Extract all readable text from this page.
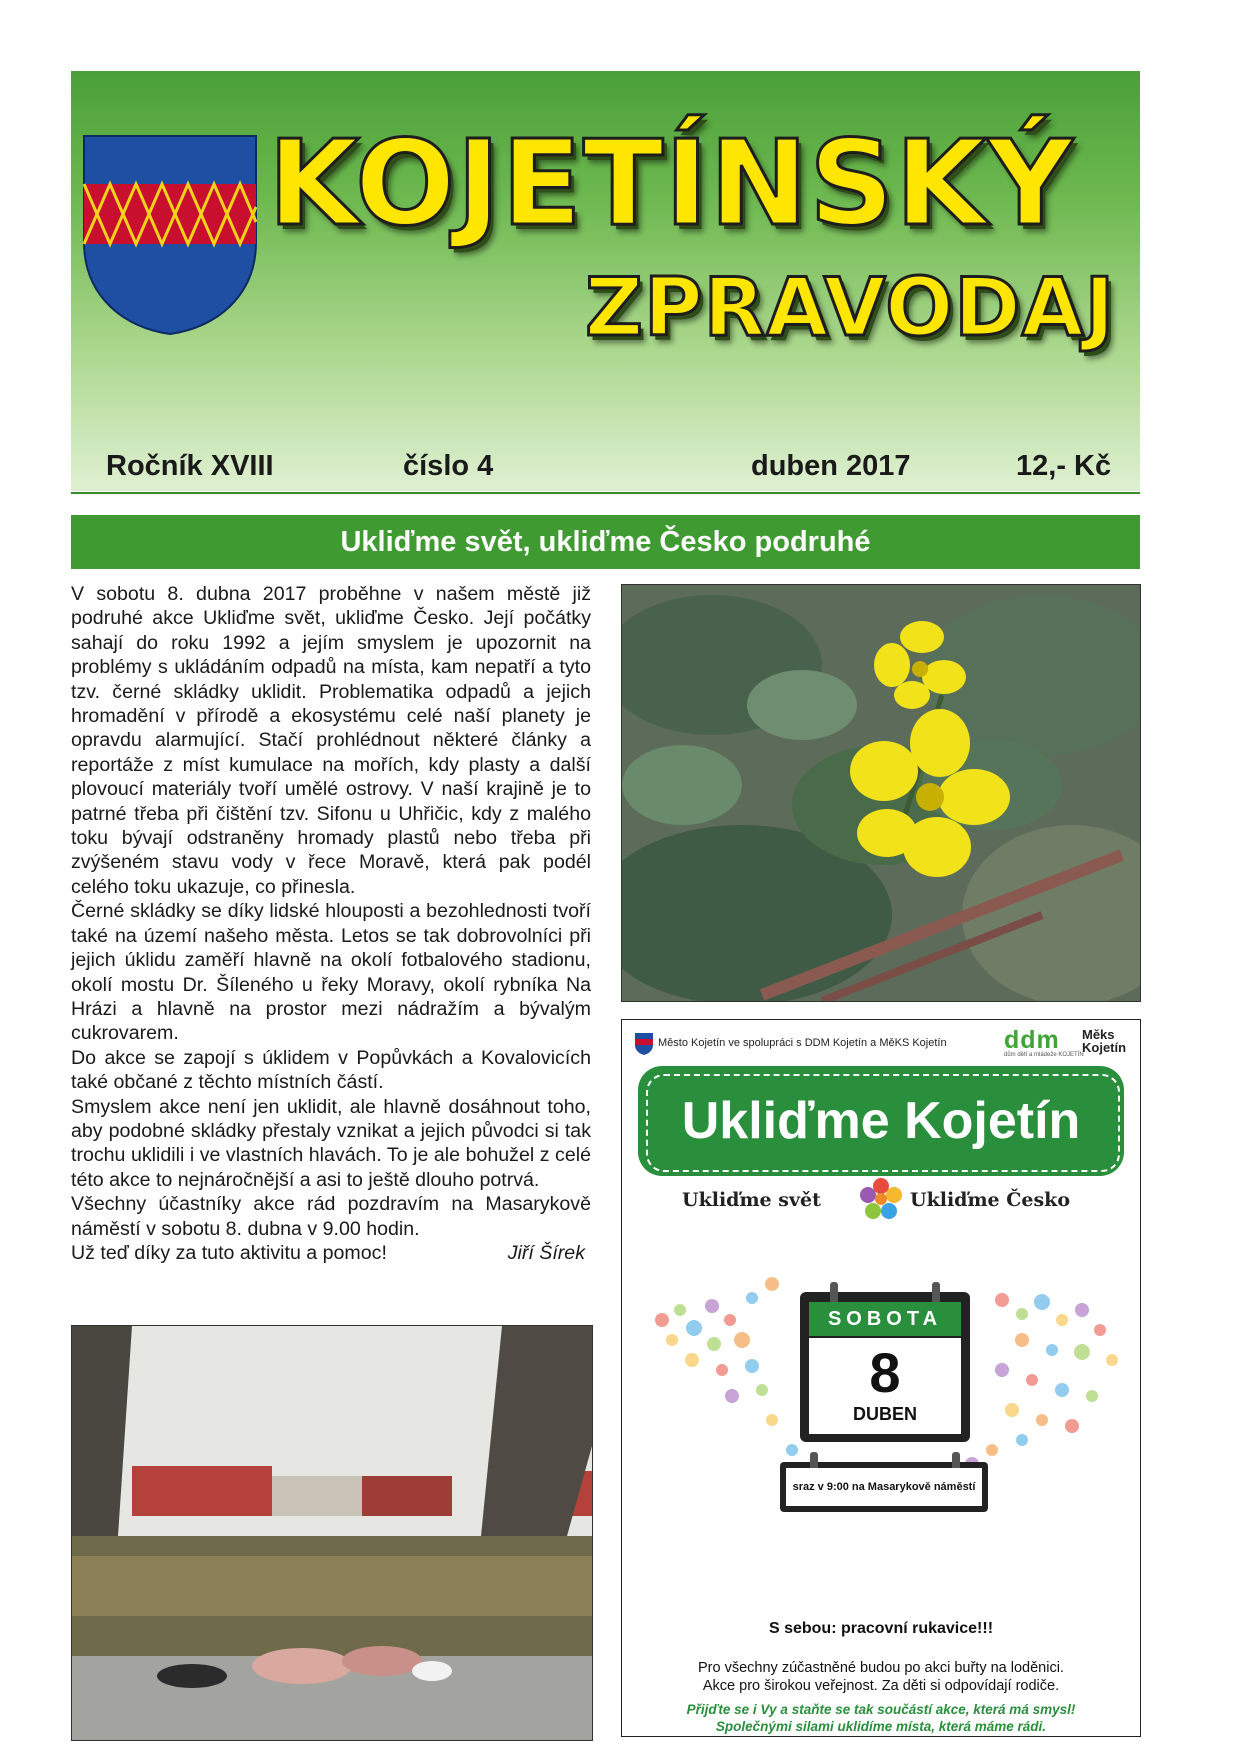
KOJETÍNSKÝ
ZPRAVODAJ
Ročník XVIII	číslo 4	duben 2017	12,- Kč
Ukliďme svět, ukliďme Česko podruhé

V sobotu 8. dubna 2017 proběhne v našem městě již podruhé akce Ukliďme svět, ukliďme Česko. Její počátky sahají do roku 1992 a jejím smyslem je upozornit na problémy s ukládáním odpadů na místa, kam nepatří a tyto tzv. černé skládky uklidit. Problematika odpadů a jejich hromadění v přírodě a ekosystému celé naší planety je opravdu alarmující. Stačí prohlédnout některé články a reportáže z míst kumulace na mořích, kdy plasty a další plovoucí materiály tvoří umělé ostrovy. V naší krajině je to patrné třeba při čištění tzv. Sifonu u Uhřičic, kdy z malého toku bývají odstraněny hromady plastů nebo třeba při zvýšeném stavu vody v řece Moravě, která pak podél celého toku ukazuje, co přinesla.

Černé skládky se díky lidské hlouposti a bezohlednosti tvoří také na území našeho města. Letos se tak dobrovolníci při jejich úklidu zaměří hlavně na okolí fotbalového stadionu, okolí mostu Dr. Šíleného u řeky Moravy, okolí rybníka Na Hrázi a hlavně na prostor mezi nádražím a bývalým cukrovarem.

Do akce se zapojí s úklidem v Popůvkách a Kovalovicích také občané z těchto místních částí.

Smyslem akce není jen uklidit, ale hlavně dosáhnout toho, aby podobné skládky přestaly vznikat a jejich původci si tak trochu uklidili i ve vlastních hlavách. To je ale bohužel z celé této akce to nejnáročnější a asi to ještě dlouho potrvá.

Všechny účastníky akce rád pozdravím na Masarykově náměstí v sobotu 8. dubna v 9.00 hodin.

Už teď díky za tuto aktivitu a pomoc!	Jiří Šírek

Město Kojetín ve spolupráci s DDM Kojetín a MěKS Kojetín ddm
dům dětí a mládeže KOJETÍN
Měks Kojetín
Ukliďme Kojetín
Ukliďme svět	Ukliďme Česko
SOBOTA
8
DUBEN
sraz v 9:00 na Masarykově náměstí
S sebou: pracovní rukavice!!!
Pro všechny zúčastněné budou po akci buřty na loděnici.
Akce pro širokou veřejnost. Za děti si odpovídají rodiče.
Přijďte se i Vy a staňte se tak součástí akce, která má smysl!
Společnými silami uklidíme místa, která máme rádi.
